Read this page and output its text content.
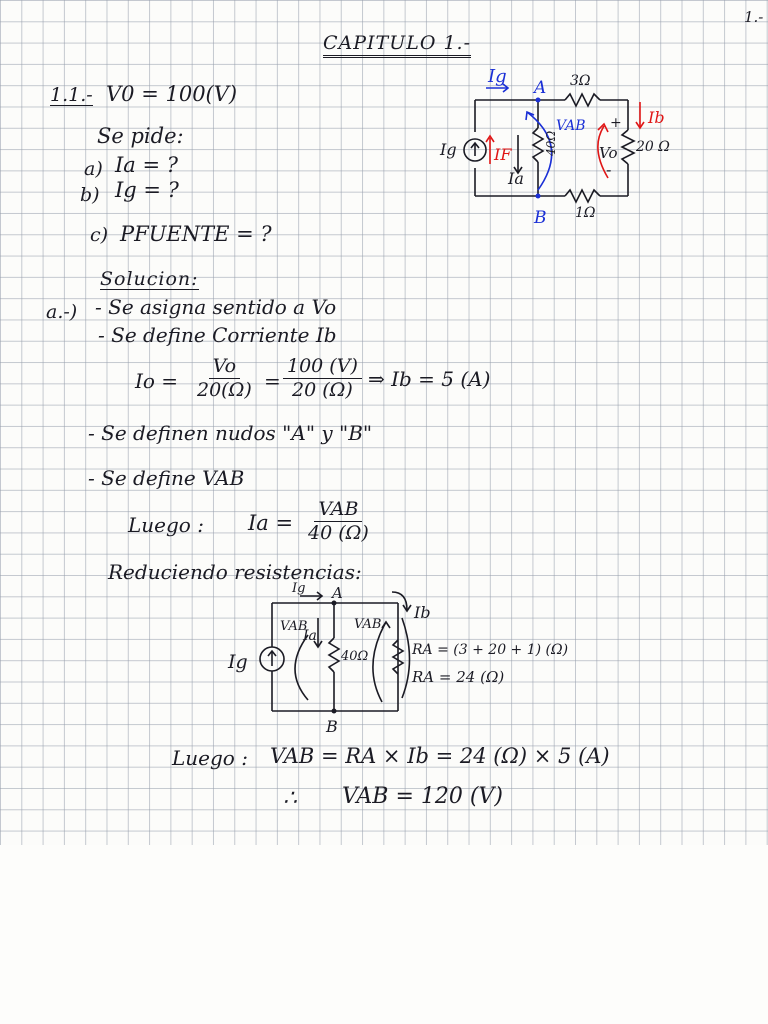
1.-
CAPITULO 1.-
1.1.- V0 = 100(V)
Se pide:
a) Ia = ?
b) Ig = ?
c) PFUENTE = ?
Ig
A
B
3Ω
20 Ω
1Ω
40Ω
Ig IF
Ia
VAB
Vo
Ib
+
-
Solucion:
a.-) - Se asigna sentido a Vo
- Se define Corriente Ib
$Io = \frac{Vo}{20(\Omega)} = \frac{100 (V)}{20 (\Omega)}$ ⇒ Ib = 5 (A)
- Se definen nudos "A" y "B"
- Se define VAB
Luego : Ia =
VAB
40 (Ω)
Reduciendo resistencias:
Ig A
B
40Ω
Ig
Ia
VAB	VAB
Ib
RA = (3 + 20 + 1) (Ω)
RA = 24 (Ω)
Luego : VAB = RA × Ib = 24 (Ω) × 5 (A)
∴ VAB = 120 (V)
